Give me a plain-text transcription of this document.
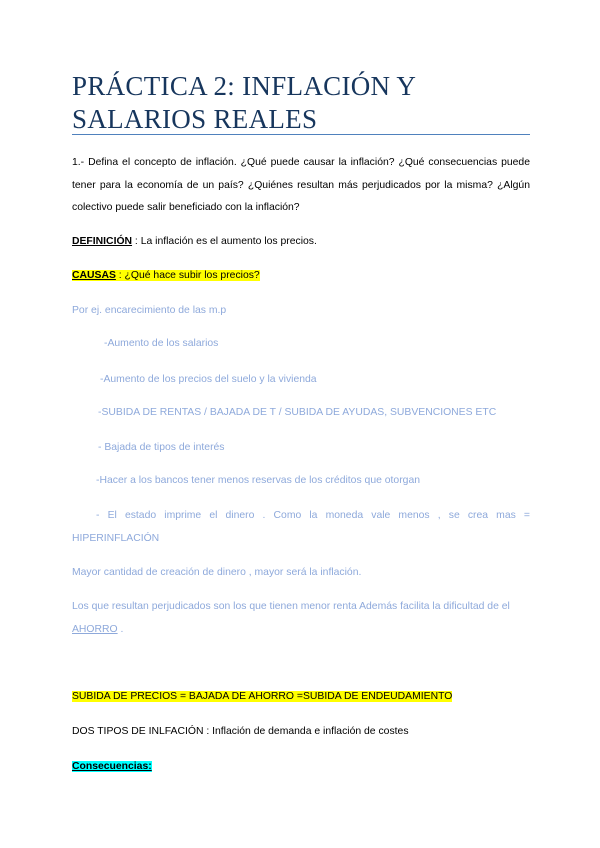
PRÁCTICA 2: INFLACIÓN Y SALARIOS REALES

1.- Defina el concepto de inflación. ¿Qué puede causar la inflación? ¿Qué consecuencias puede tener para la economía de un país? ¿Quiénes resultan más perjudicados por la misma? ¿Algún colectivo puede salir beneficiado con la inflación?

DEFINICIÓN : La inflación es el aumento los precios.

CAUSAS : ¿Qué hace subir los precios?

Por ej. encarecimiento de las m.p

-Aumento de los salarios

-Aumento de los precios del suelo y la vivienda

-SUBIDA DE RENTAS / BAJADA DE T / SUBIDA DE AYUDAS, SUBVENCIONES ETC

- Bajada de tipos de interés

-Hacer a los bancos tener menos reservas de los créditos que otorgan

- El estado imprime el dinero . Como la moneda vale menos , se crea mas = HIPERINFLACIÓN

Mayor cantidad de creación de dinero , mayor será la inflación.

Los que resultan perjudicados son los que tienen menor renta Además facilita la dificultad de el AHORRO .

SUBIDA DE PRECIOS = BAJADA DE AHORRO =SUBIDA DE ENDEUDAMIENTO

DOS TIPOS DE INLFACIÓN : Inflación de demanda e inflación de costes

Consecuencias:
